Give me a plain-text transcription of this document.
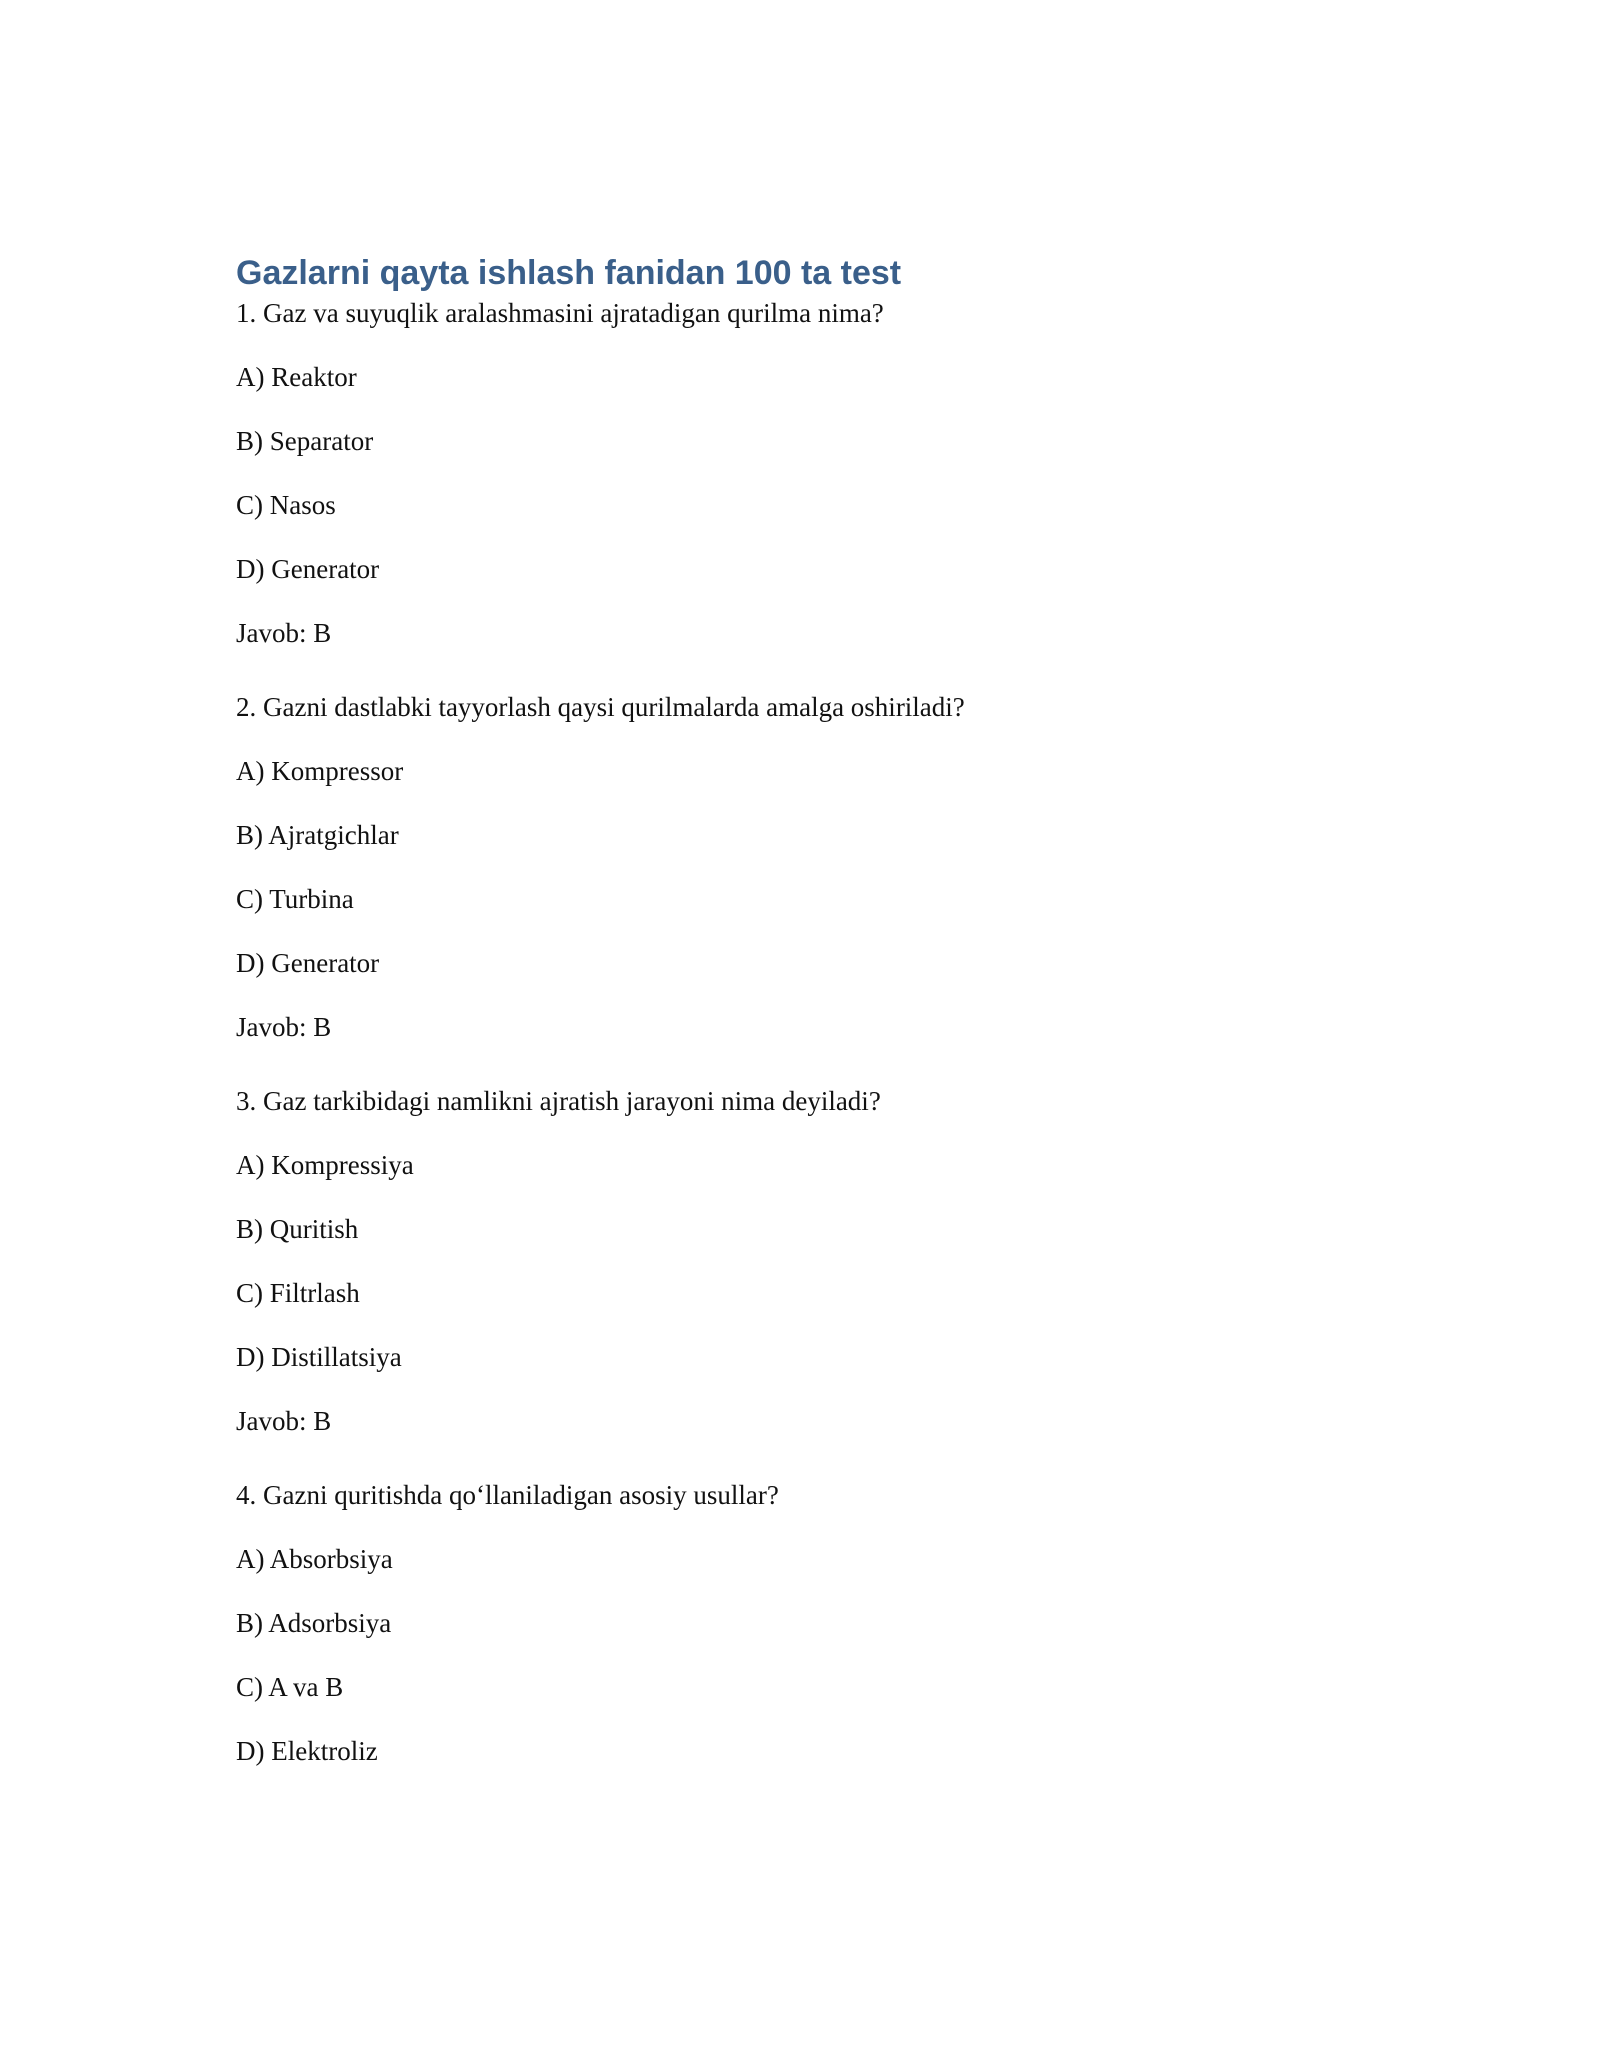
Gazlarni qayta ishlash fanidan 100 ta test

1. Gaz va suyuqlik aralashmasini ajratadigan qurilma nima?

A) Reaktor

B) Separator

C) Nasos

D) Generator

Javob: B

2. Gazni dastlabki tayyorlash qaysi qurilmalarda amalga oshiriladi?

A) Kompressor

B) Ajratgichlar

C) Turbina

D) Generator

Javob: B

3. Gaz tarkibidagi namlikni ajratish jarayoni nima deyiladi?

A) Kompressiya

B) Quritish

C) Filtrlash

D) Distillatsiya

Javob: B

4. Gazni quritishda qo‘llaniladigan asosiy usullar?

A) Absorbsiya

B) Adsorbsiya

C) A va B

D) Elektroliz
